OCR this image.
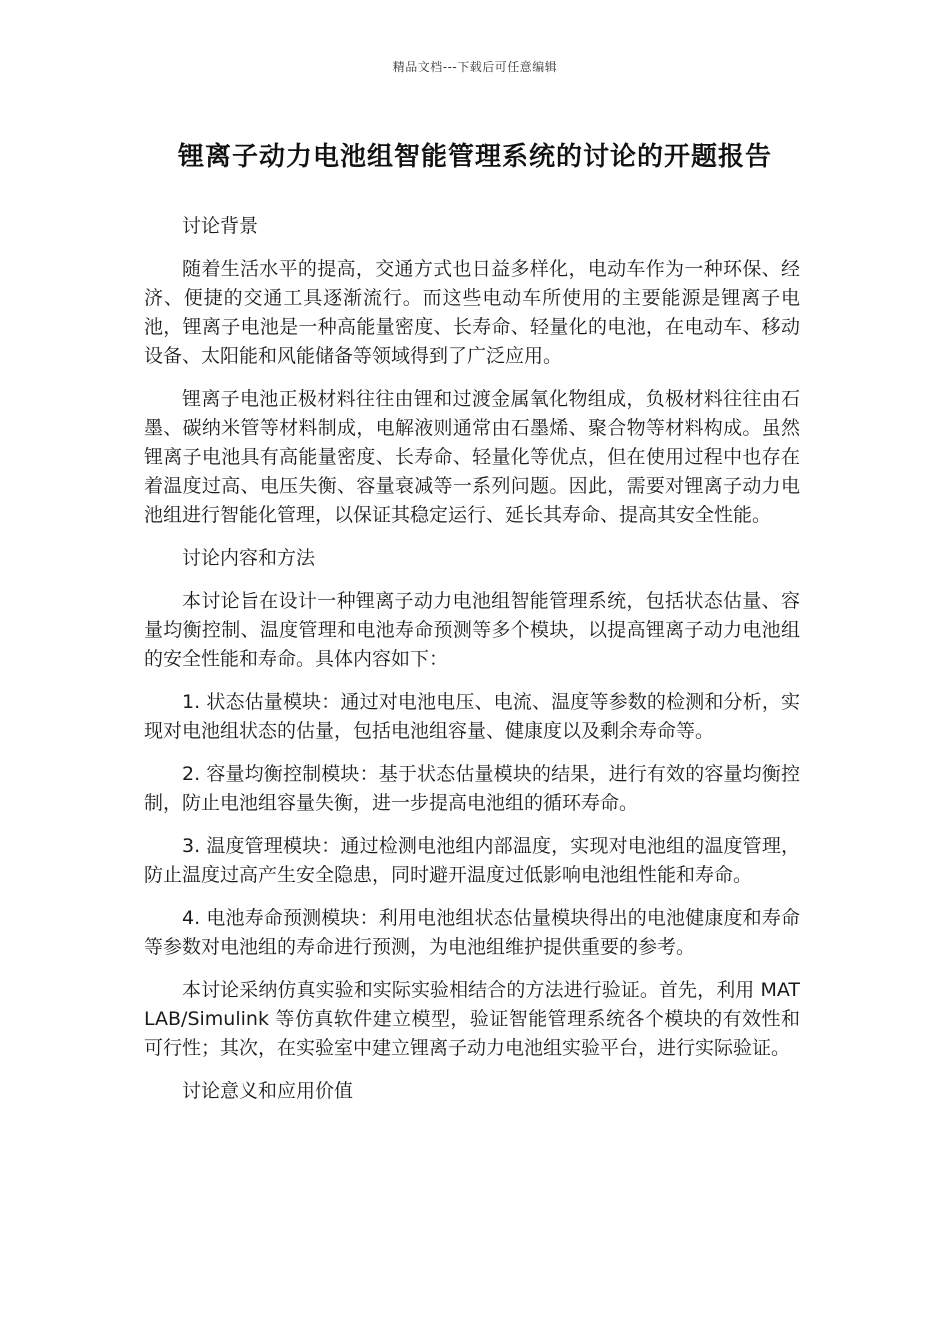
精品文档---下载后可任意编辑
锂离子动力电池组智能管理系统的讨论的开题报告

讨论背景

随着生活水平的提高，交通方式也日益多样化，电动车作为一种环保、经济、便捷的交通工具逐渐流行。而这些电动车所使用的主要能源是锂离子电池，锂离子电池是一种高能量密度、长寿命、轻量化的电池，在电动车、移动设备、太阳能和风能储备等领域得到了广泛应用。

锂离子电池正极材料往往由锂和过渡金属氧化物组成，负极材料往往由石墨、碳纳米管等材料制成，电解液则通常由石墨烯、聚合物等材料构成。虽然锂离子电池具有高能量密度、长寿命、轻量化等优点，但在使用过程中也存在着温度过高、电压失衡、容量衰减等一系列问题。因此，需要对锂离子动力电池组进行智能化管理，以保证其稳定运行、延长其寿命、提高其安全性能。

讨论内容和方法

本讨论旨在设计一种锂离子动力电池组智能管理系统，包括状态估量、容量均衡控制、温度管理和电池寿命预测等多个模块，以提高锂离子动力电池组的安全性能和寿命。具体内容如下：

1. 状态估量模块：通过对电池电压、电流、温度等参数的检测和分析，实现对电池组状态的估量，包括电池组容量、健康度以及剩余寿命等。

2. 容量均衡控制模块：基于状态估量模块的结果，进行有效的容量均衡控制，防止电池组容量失衡，进一步提高电池组的循环寿命。

3. 温度管理模块：通过检测电池组内部温度，实现对电池组的温度管理，防止温度过高产生安全隐患，同时避开温度过低影响电池组性能和寿命。

4. 电池寿命预测模块：利用电池组状态估量模块得出的电池健康度和寿命等参数对电池组的寿命进行预测，为电池组维护提供重要的参考。

本讨论采纳仿真实验和实际实验相结合的方法进行验证。首先，利用 MATLAB/Simulink 等仿真软件建立模型，验证智能管理系统各个模块的有效性和可行性；其次，在实验室中建立锂离子动力电池组实验平台，进行实际验证。

讨论意义和应用价值
